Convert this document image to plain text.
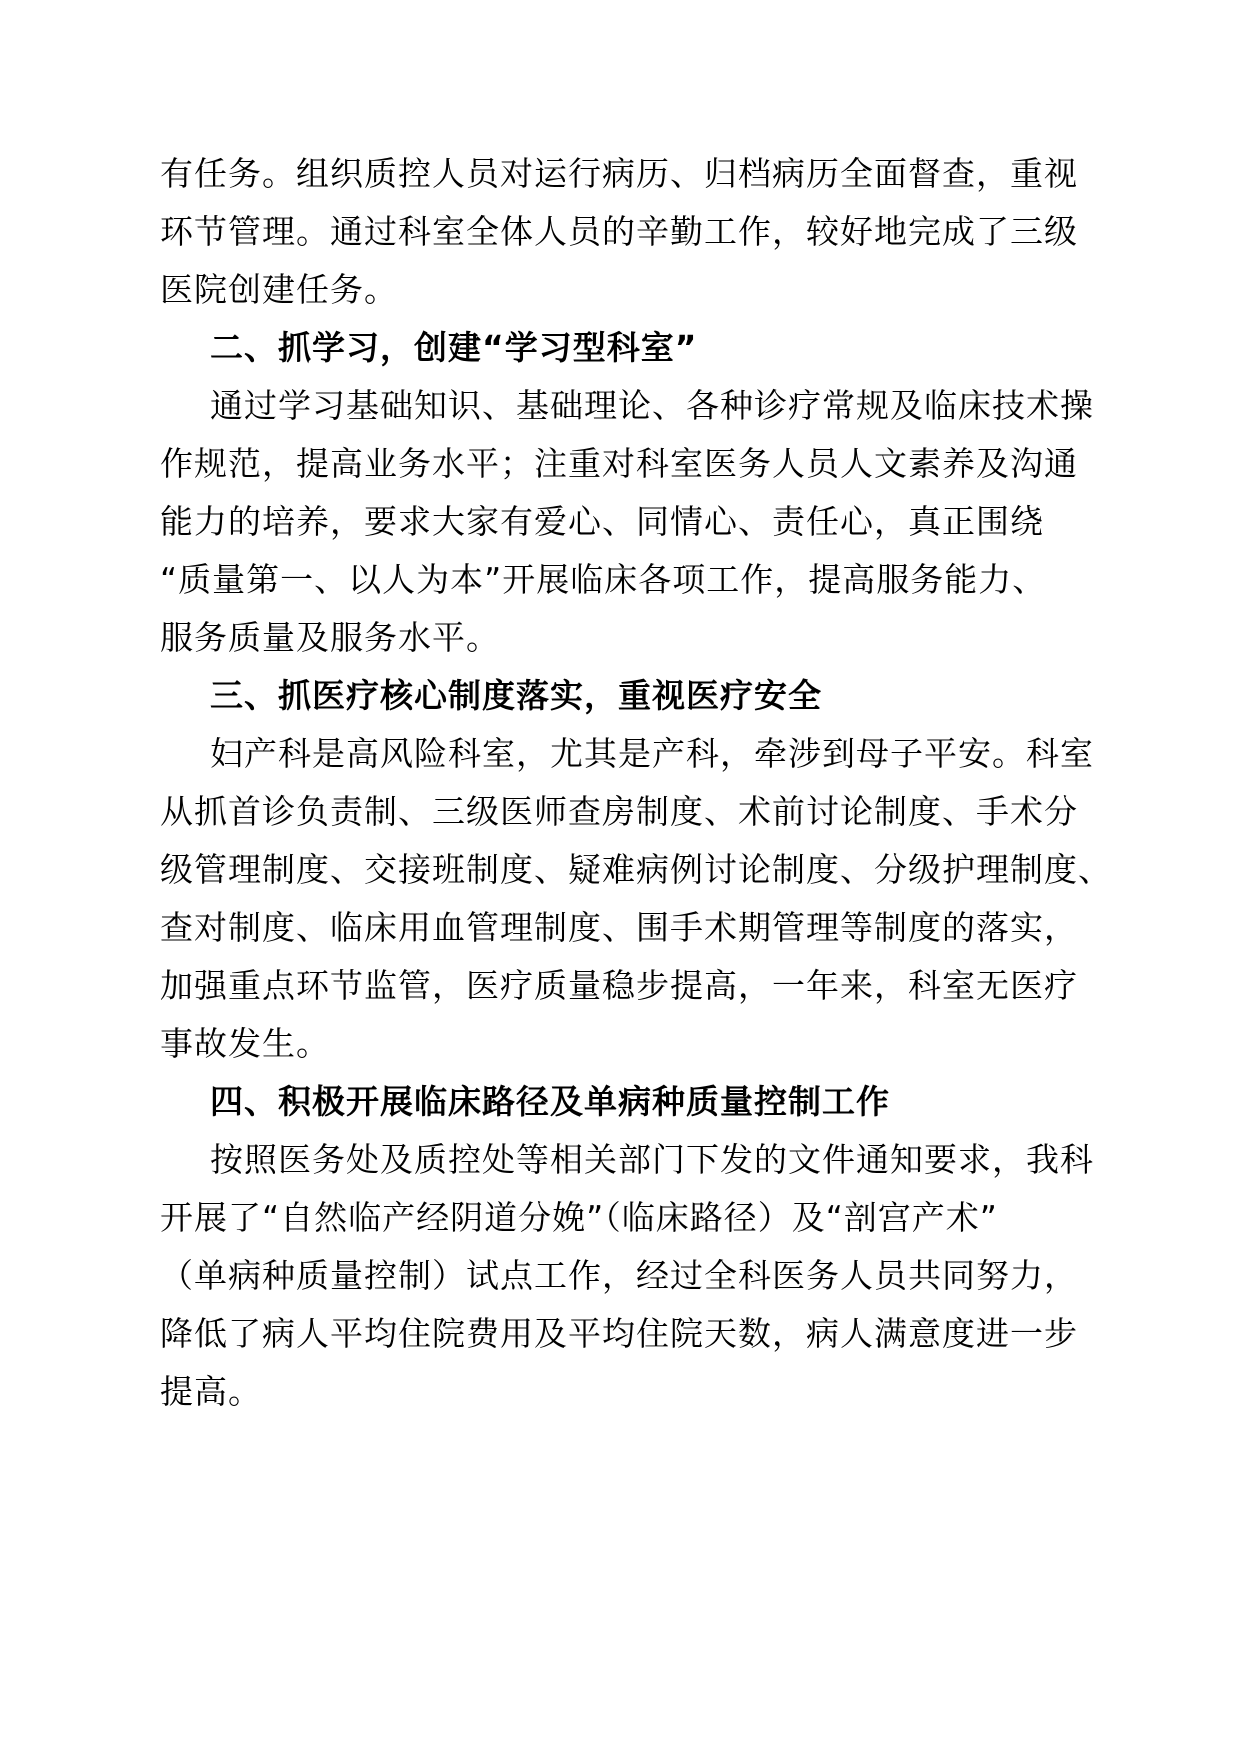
有任务。组织质控人员对运行病历、归档病历全面督查，重视
环节管理。通过科室全体人员的辛勤工作，较好地完成了三级
医院创建任务。
二、抓学习，创建“学习型科室”
通过学习基础知识、基础理论、各种诊疗常规及临床技术操
作规范，提高业务水平；注重对科室医务人员人文素养及沟通
能力的培养，要求大家有爱心、同情心、责任心，真正围绕
“质量第一、以人为本”开展临床各项工作，提高服务能力、
服务质量及服务水平。
三、抓医疗核心制度落实，重视医疗安全
妇产科是高风险科室，尤其是产科，牵涉到母子平安。科室
从抓首诊负责制、三级医师查房制度、术前讨论制度、手术分
级管理制度、交接班制度、疑难病例讨论制度、分级护理制度、
查对制度、临床用血管理制度、围手术期管理等制度的落实，
加强重点环节监管，医疗质量稳步提高，一年来，科室无医疗
事故发生。
四、积极开展临床路径及单病种质量控制工作
按照医务处及质控处等相关部门下发的文件通知要求，我科
开展了“自然临产经阴道分娩”（临床路径）及“剖宫产术”
（单病种质量控制）试点工作，经过全科医务人员共同努力，
降低了病人平均住院费用及平均住院天数，病人满意度进一步
提高。
